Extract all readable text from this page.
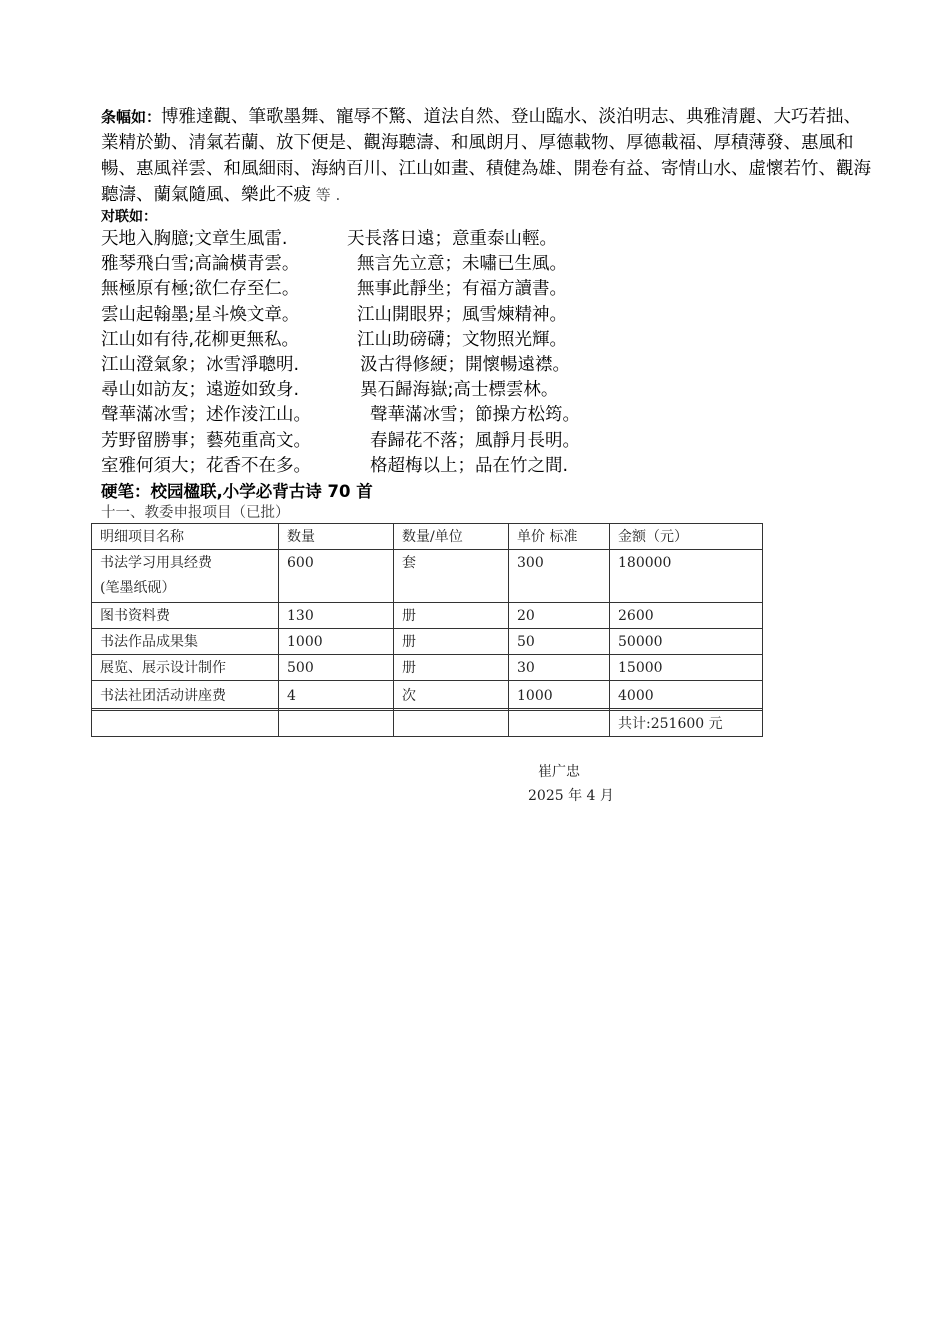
条幅如：博雅達觀、筆歌墨舞、寵辱不驚、道法自然、登山臨水、淡泊明志、典雅清麗、大巧若拙、業精於勤、清氣若蘭、放下便是、觀海聽濤、和風朗月、厚德載物、厚德載福、厚積薄發、惠風和暢、惠風祥雲、和風細雨、海納百川、江山如畫、積健為雄、開卷有益、寄情山水、虛懷若竹、觀海聽濤、蘭氣隨風、樂此不疲 等 .
对联如：
天地入胸臆;文章生風雷.	天長落日遠；意重泰山輕。
雅琴飛白雪;高論橫青雲。	無言先立意；未嘯已生風。
無極原有極;欲仁存至仁。	無事此靜坐；有福方讀書。
雲山起翰墨;星斗煥文章。	江山開眼界；風雪煉精神。
江山如有待,花柳更無私。	江山助磅礴；文物照光輝。
江山澄氣象；冰雪淨聰明.	汲古得修綆；開懷暢遠襟。
尋山如訪友；遠遊如致身.	異石歸海嶽;高士標雲林。
聲華滿冰雪；述作淩江山。	聲華滿冰雪；節操方松筠。
芳野留勝事；藝苑重高文。	春歸花不落；風靜月長明。
室雅何須大；花香不在多。	格超梅以上；品在竹之間.
硬笔：校园楹联,小学必背古诗 70 首
十一、教委申报项目（已批）
明细项目名称	数量	数量/单位	单价 标准	金额（元）
书法学习用具经费
(笔墨纸砚）	600	套	300	180000
图书资料费	130	册	20	2600
书法作品成果集	1000	册	50	50000
展览、展示设计制作	500	册	30	15000
书法社团活动讲座费	4	次	1000	4000

				共计:251600 元
崔广忠
2025 年 4 月
